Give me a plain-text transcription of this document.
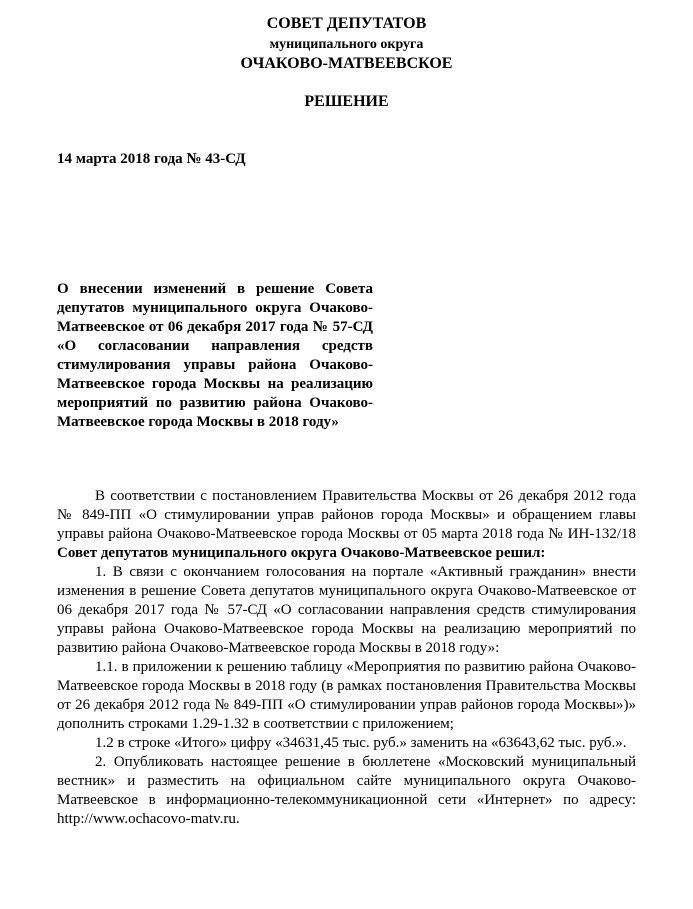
СОВЕТ ДЕПУТАТОВ
муниципального округа
ОЧАКОВО-МАТВЕЕВСКОЕ
РЕШЕНИЕ
14 марта 2018 года № 43-СД
О внесении изменений в решение Совета депутатов муниципального округа Очаково-Матвеевское от 06 декабря 2017 года № 57-СД «О согласовании направления средств стимулирования управы района Очаково-Матвеевское города Москвы на реализацию мероприятий по развитию района Очаково-Матвеевское города Москвы в 2018 году»

В соответствии с постановлением Правительства Москвы от 26 декабря 2012 года № 849-ПП «О стимулировании управ районов города Москвы» и обращением главы управы района Очаково-Матвеевское города Москвы от 05 марта 2018 года № ИН-132/18 Совет депутатов муниципального округа Очаково-Матвеевское решил:

1. В связи с окончанием голосования на портале «Активный гражданин» внести изменения в решение Совета депутатов муниципального округа Очаково-Матвеевское от 06 декабря 2017 года № 57-СД «О согласовании направления средств стимулирования управы района Очаково-Матвеевское города Москвы на реализацию мероприятий по развитию района Очаково-Матвеевское города Москвы в 2018 году»:

1.1. в приложении к решению таблицу «Мероприятия по развитию района Очаково-Матвеевское города Москвы в 2018 году (в рамках постановления Правительства Москвы от 26 декабря 2012 года № 849-ПП «О стимулировании управ районов города Москвы»)» дополнить строками 1.29-1.32 в соответствии с приложением;

1.2 в строке «Итого» цифру «34631,45 тыс. руб.» заменить на «63643,62 тыс. руб.».

2. Опубликовать настоящее решение в бюллетене «Московский муниципальный вестник» и разместить на официальном сайте муниципального округа Очаково-Матвеевское в информационно-телекоммуникационной сети «Интернет» по адресу: http://www.ochacovo-matv.ru.
